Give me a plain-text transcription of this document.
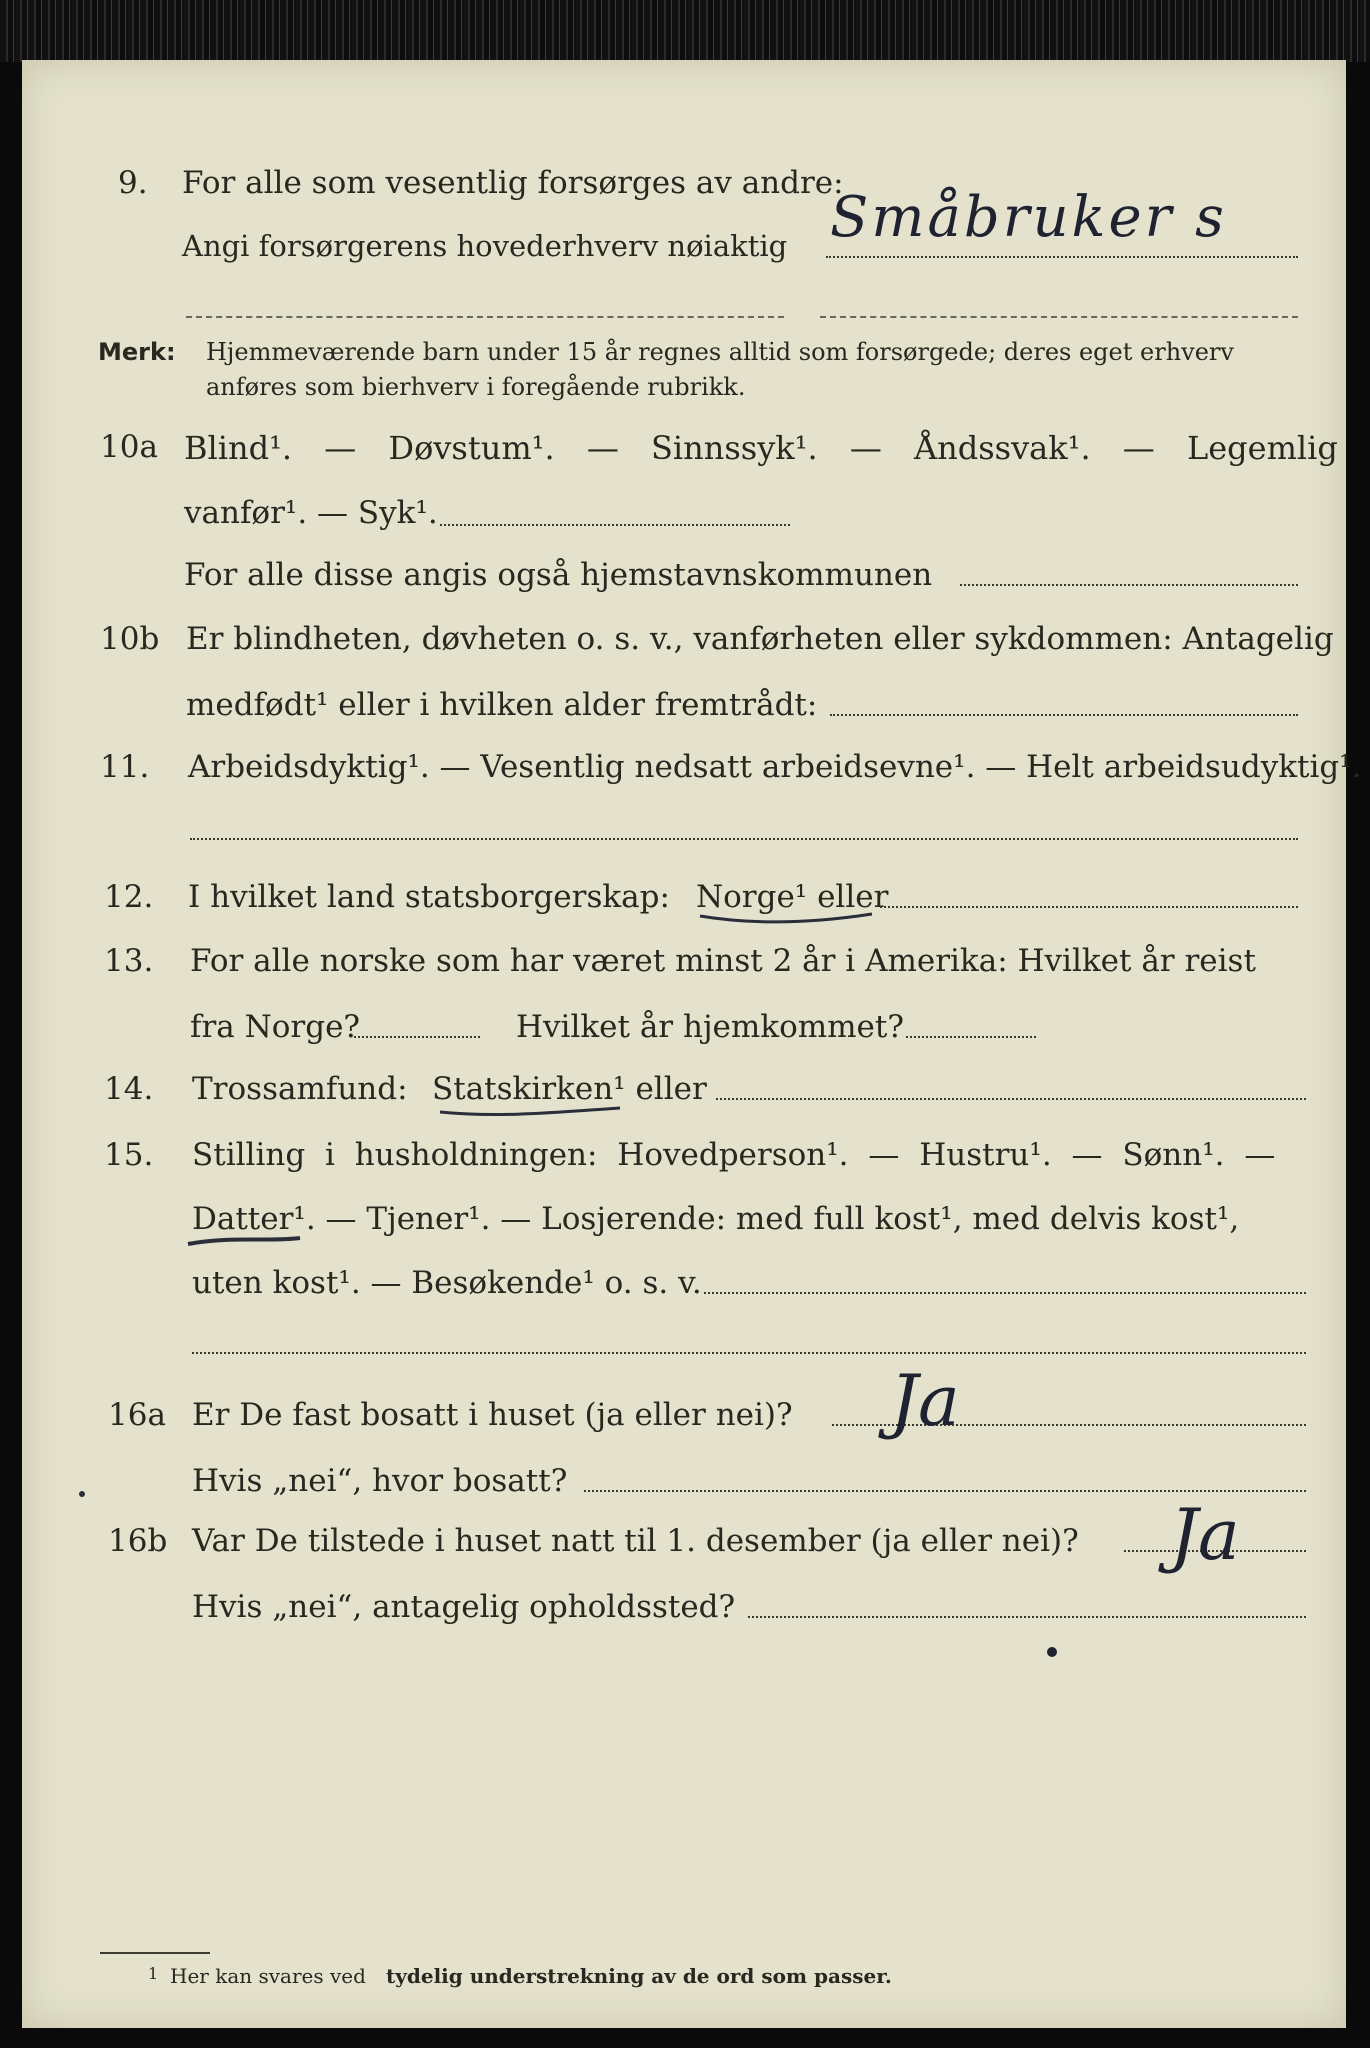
9. For alle som vesentlig forsørges av andre:
Angi forsørgerens hovederhverv nøiaktig Småbruker s
Merk: Hjemmeværende barn under 15 år regnes alltid som forsørgede; deres eget erhverv
anføres som bierhverv i foregående rubrikk.
10a Blind¹. — Døvstum¹. — Sinnssyk¹. — Åndssvak¹. — Legemlig
vanfør¹. — Syk¹.
For alle disse angis også hjemstavnskommunen
10b Er blindheten, døvheten o. s. v., vanførheten eller sykdommen: Antagelig
medfødt¹ eller i hvilken alder fremtrådt:
11. Arbeidsdyktig¹. — Vesentlig nedsatt arbeidsevne¹. — Helt arbeidsudyktig¹.
12. I hvilket land statsborgerskap: Norge¹ eller
13. For alle norske som har været minst 2 år i Amerika: Hvilket år reist
fra Norge?	Hvilket år hjemkommet?
14. Trossamfund: Statskirken¹ eller
15. Stilling i husholdningen: Hovedperson¹. — Hustru¹. — Sønn¹. —
Datter¹. — Tjener¹. — Losjerende: med full kost¹, med delvis kost¹,
uten kost¹. — Besøkende¹ o. s. v.
16a Er De fast bosatt i huset (ja eller nei)? Ja
Hvis „nei“, hvor bosatt?
16b Var De tilstede i huset natt til 1. desember (ja eller nei)? Ja
Hvis „nei“, antagelig opholdssted?
1 Her kan svares ved tydelig understrekning av de ord som passer.
